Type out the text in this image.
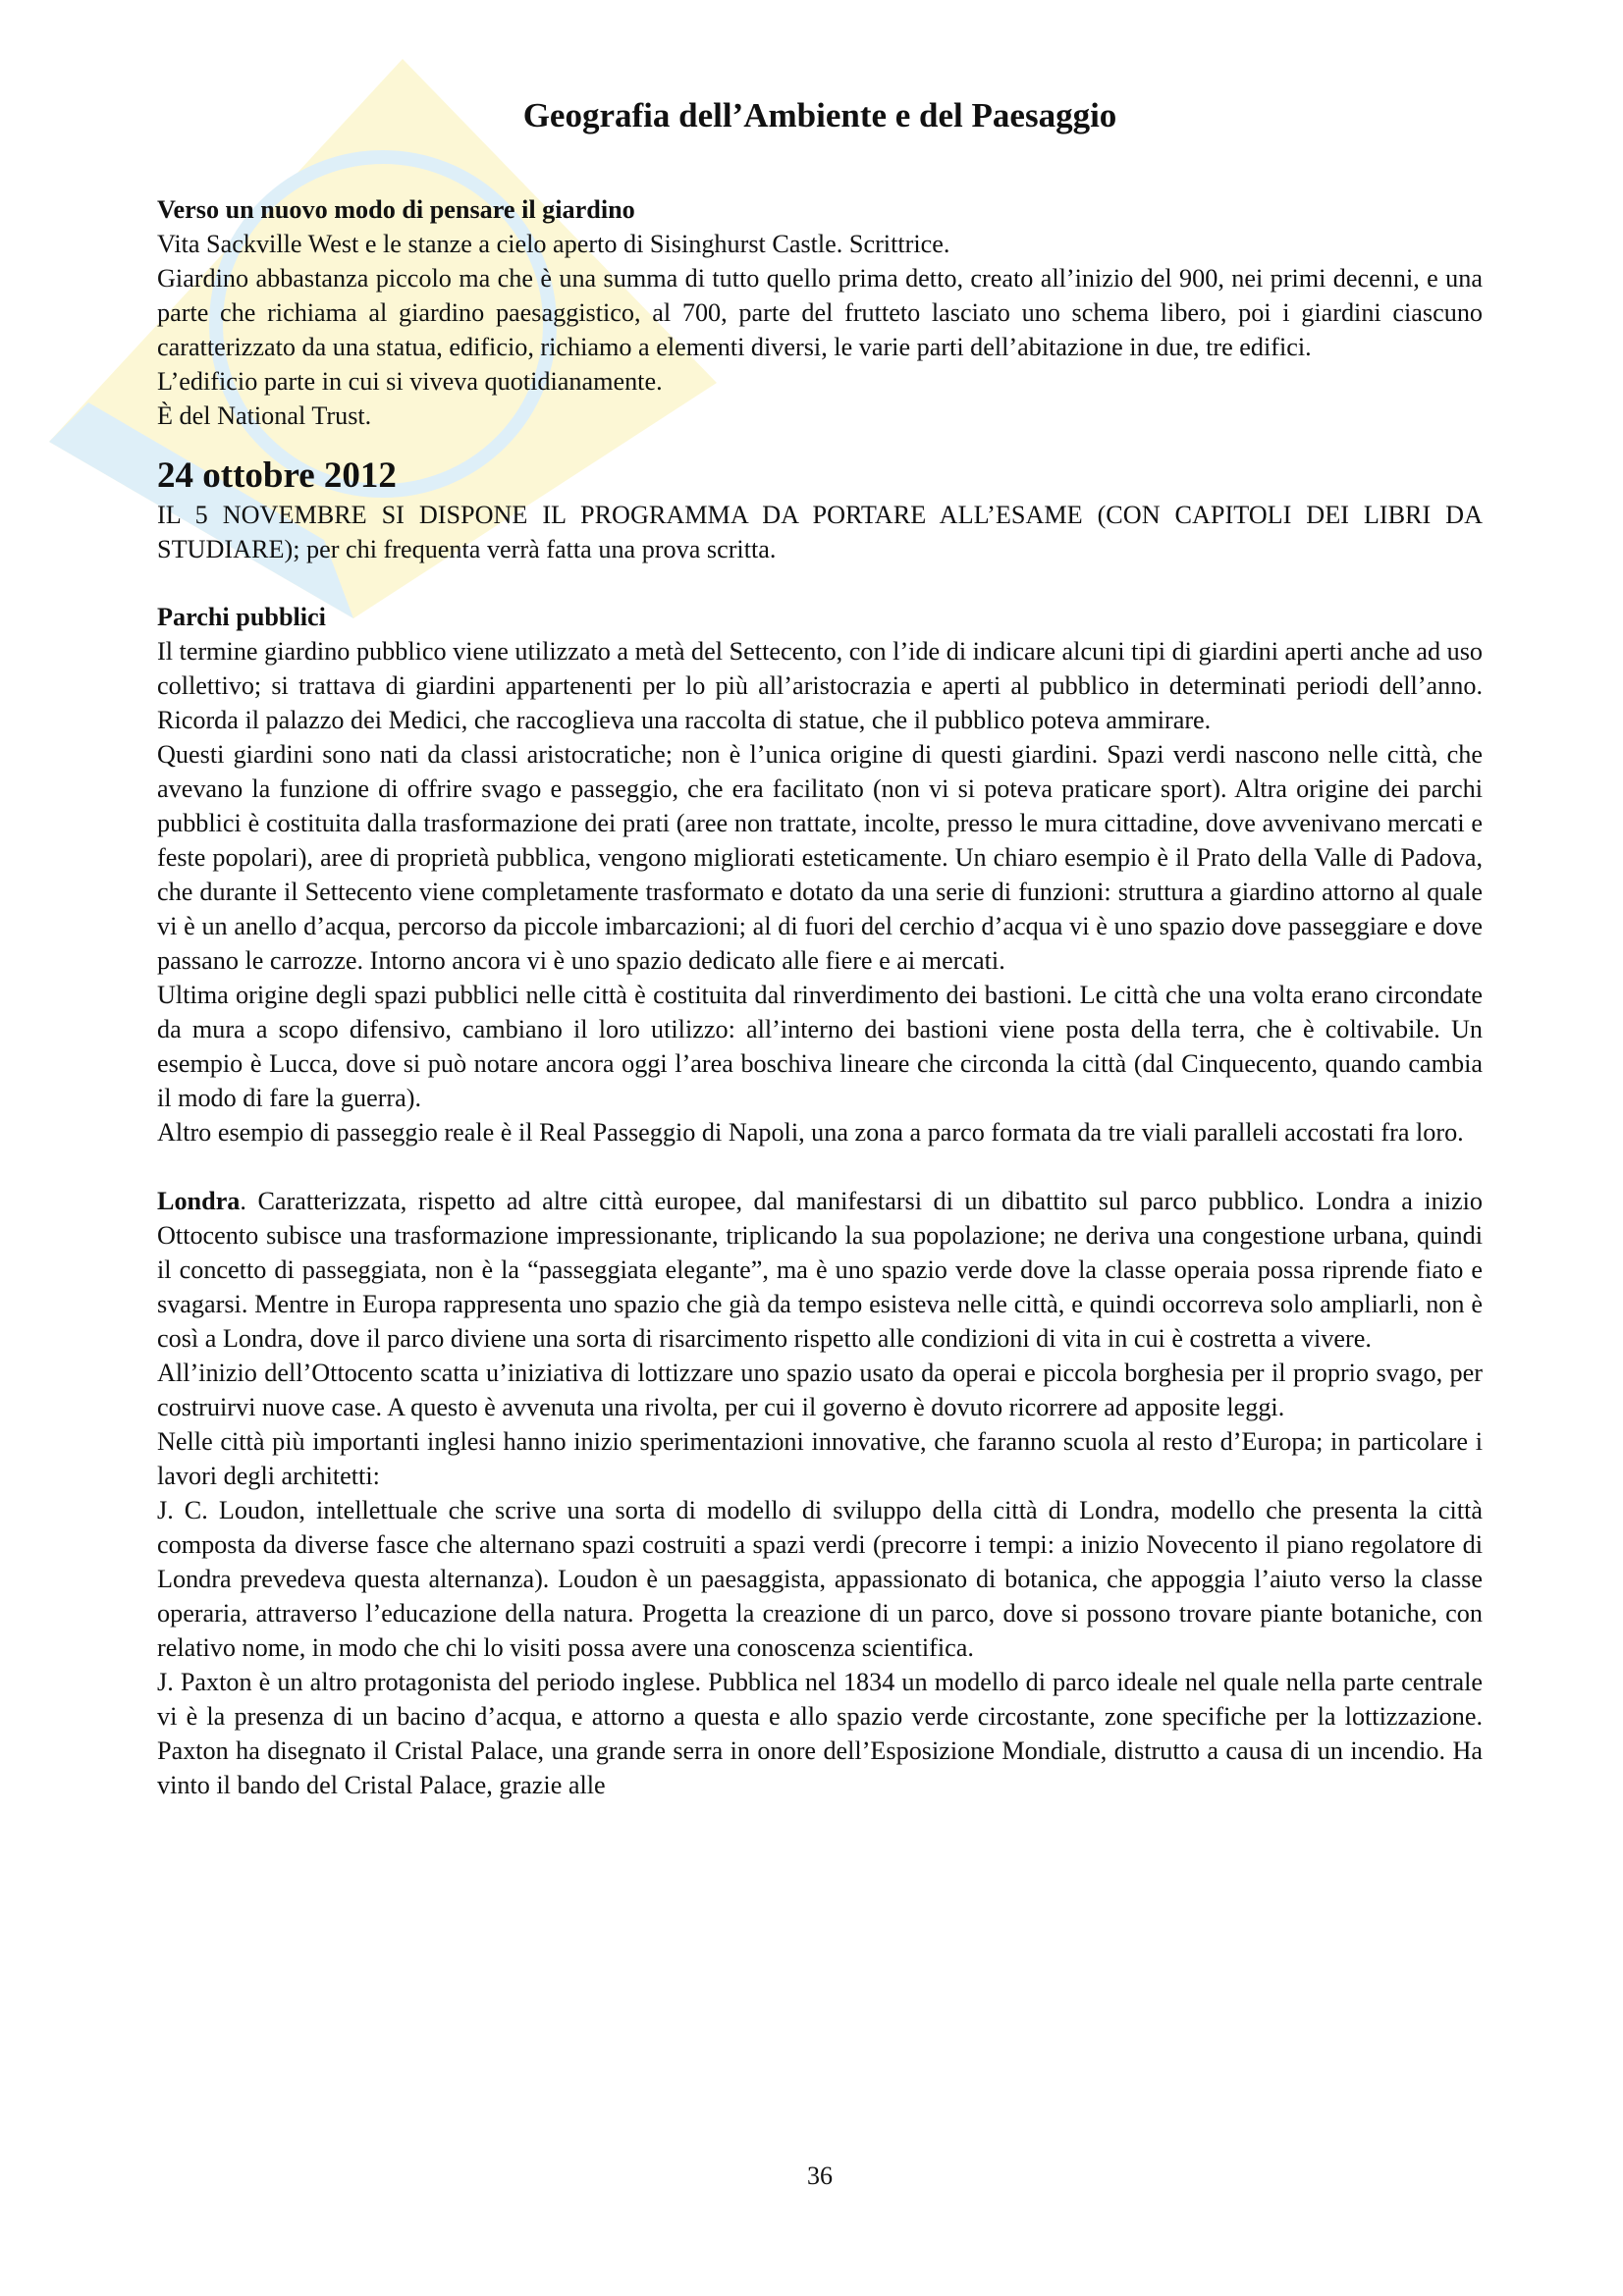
Geografia dell’Ambiente e del Paesaggio

Verso un nuovo modo di pensare il giardino

Vita Sackville West e le stanze a cielo aperto di Sisinghurst Castle. Scrittrice.

Giardino abbastanza piccolo ma che è una summa di tutto quello prima detto, creato all’inizio del 900, nei primi decenni, e una parte che richiama al giardino paesaggistico, al 700, parte del frutteto lasciato uno schema libero, poi i giardini ciascuno caratterizzato da una statua, edificio, richiamo a elementi diversi, le varie parti dell’abitazione in due, tre edifici.

L’edificio parte in cui si viveva quotidianamente.

È del National Trust.

24 ottobre 2012

IL 5 NOVEMBRE SI DISPONE IL PROGRAMMA DA PORTARE ALL’ESAME (CON CAPITOLI DEI LIBRI DA STUDIARE); per chi frequenta verrà fatta una prova scritta.

Parchi pubblici

Il termine giardino pubblico viene utilizzato a metà del Settecento, con l’ide di indicare alcuni tipi di giardini aperti anche ad uso collettivo; si trattava di giardini appartenenti per lo più all’aristocrazia e aperti al pubblico in determinati periodi dell’anno. Ricorda il palazzo dei Medici, che raccoglieva una raccolta di statue, che il pubblico poteva ammirare.

Questi giardini sono nati da classi aristocratiche; non è l’unica origine di questi giardini. Spazi verdi nascono nelle città, che avevano la funzione di offrire svago e passeggio, che era facilitato (non vi si poteva praticare sport). Altra origine dei parchi pubblici è costituita dalla trasformazione dei prati (aree non trattate, incolte, presso le mura cittadine, dove avvenivano mercati e feste popolari), aree di proprietà pubblica, vengono migliorati esteticamente. Un chiaro esempio è il Prato della Valle di Padova, che durante il Settecento viene completamente trasformato e dotato da una serie di funzioni: struttura a giardino attorno al quale vi è un anello d’acqua, percorso da piccole imbarcazioni; al di fuori del cerchio d’acqua vi è uno spazio dove passeggiare e dove passano le carrozze. Intorno ancora vi è uno spazio dedicato alle fiere e ai mercati.

Ultima origine degli spazi pubblici nelle città è costituita dal rinverdimento dei bastioni. Le città che una volta erano circondate da mura a scopo difensivo, cambiano il loro utilizzo: all’interno dei bastioni viene posta della terra, che è coltivabile. Un esempio è Lucca, dove si può notare ancora oggi l’area boschiva lineare che circonda la città (dal Cinquecento, quando cambia il modo di fare la guerra).

Altro esempio di passeggio reale è il Real Passeggio di Napoli, una zona a parco formata da tre viali paralleli accostati fra loro.

Londra. Caratterizzata, rispetto ad altre città europee, dal manifestarsi di un dibattito sul parco pubblico. Londra a inizio Ottocento subisce una trasformazione impressionante, triplicando la sua popolazione; ne deriva una congestione urbana, quindi il concetto di passeggiata, non è la “passeggiata elegante”, ma è uno spazio verde dove la classe operaia possa riprende fiato e svagarsi. Mentre in Europa rappresenta uno spazio che già da tempo esisteva nelle città, e quindi occorreva solo ampliarli, non è così a Londra, dove il parco diviene una sorta di risarcimento rispetto alle condizioni di vita in cui è costretta a vivere.

All’inizio dell’Ottocento scatta u’iniziativa di lottizzare uno spazio usato da operai e piccola borghesia per il proprio svago, per costruirvi nuove case. A questo è avvenuta una rivolta, per cui il governo è dovuto ricorrere ad apposite leggi.

Nelle città più importanti inglesi hanno inizio sperimentazioni innovative, che faranno scuola al resto d’Europa; in particolare i lavori degli architetti:

J. C. Loudon, intellettuale che scrive una sorta di modello di sviluppo della città di Londra, modello che presenta la città composta da diverse fasce che alternano spazi costruiti a spazi verdi (precorre i tempi: a inizio Novecento il piano regolatore di Londra prevedeva questa alternanza). Loudon è un paesaggista, appassionato di botanica, che appoggia l’aiuto verso la classe operaria, attraverso l’educazione della natura. Progetta la creazione di un parco, dove si possono trovare piante botaniche, con relativo nome, in modo che chi lo visiti possa avere una conoscenza scientifica.

J. Paxton è un altro protagonista del periodo inglese. Pubblica nel 1834 un modello di parco ideale nel quale nella parte centrale vi è la presenza di un bacino d’acqua, e attorno a questa e allo spazio verde circostante, zone specifiche per la lottizzazione. Paxton ha disegnato il Cristal Palace, una grande serra in onore dell’Esposizione Mondiale, distrutto a causa di un incendio. Ha vinto il bando del Cristal Palace, grazie alle

36
